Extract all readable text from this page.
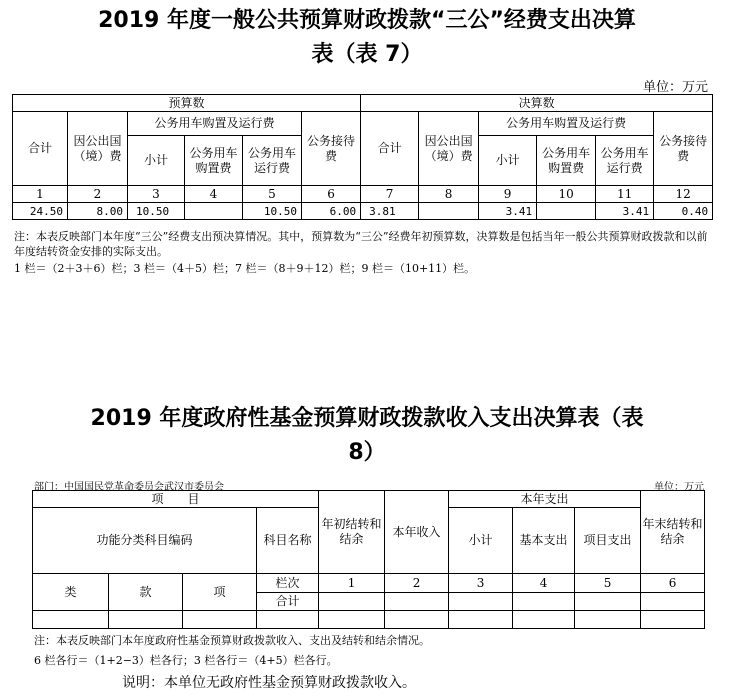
2019 年度一般公共预算财政拨款“三公”经费支出决算
表（表 7）
单位：万元
预算数						决算数					
合计	因公出国（境）费	公务用车购置及运行费			公务接待费	合计	因公出国（境）费	公务用车购置及运行费			公务接待费
		小计	公务用车购置费	公务用车运行费				小计	公务用车购置费	公务用车运行费	
1	2	3	4	5	6	7	8	9	10	11	12
24.50	8.00	10.50		10.50	6.00	3.81		3.41		3.41	0.40
注：本表反映部门本年度“三公”经费支出预决算情况。其中，预算数为“三公”经费年初预算数，决算数是包括当年一般公共预算财政拨款和以前年度结转资金安排的实际支出。
1 栏＝（2＋3＋6）栏；3 栏＝（4＋5）栏；7 栏＝（8＋9＋12）栏；9 栏＝（10+11）栏。
2019 年度政府性基金预算财政拨款收入支出决算表（表
8）
部门：中国国民党革命委员会武汉市委员会	单位：万元
项　　目				年初结转和结余	本年收入	本年支出			年末结转和结余
功能分类科目编码			科目名称			小计	基本支出	项目支出	
类	款	项	栏次	1	2	3	4	5	6
			合计						

注：本表反映部门本年度政府性基金预算财政拨款收入、支出及结转和结余情况。
6 栏各行＝（1+2−3）栏各行；3 栏各行＝（4+5）栏各行。
说明：本单位无政府性基金预算财政拨款收入。
